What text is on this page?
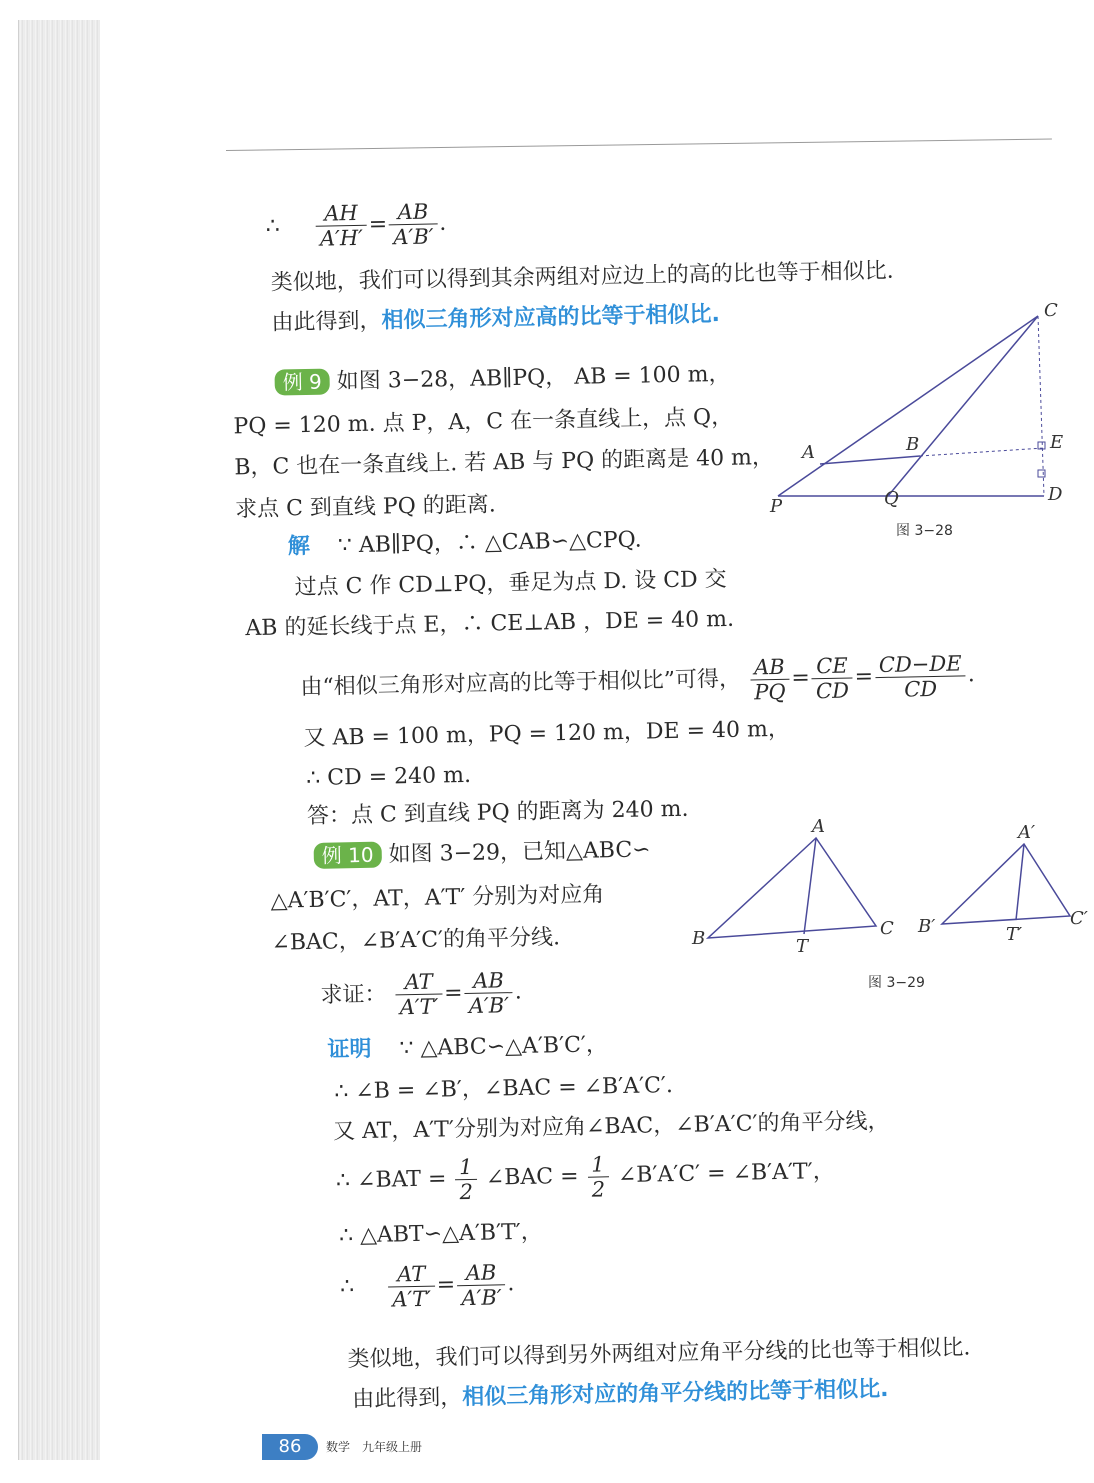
∴ $\frac{AH}{A'H'} = \frac{AB}{A'B'}$ .
类似地，我们可以得到其余两组对应边上的高的比也等于相似比.
由此得到，相似三角形对应高的比等于相似比.
例 9 如图 3−28，AB∥PQ， AB = 100 m，
PQ = 120 m. 点 P，A，C 在一条直线上，点 Q，
B，C 也在一条直线上. 若 AB 与 PQ 的距离是 40 m，
求点 C 到直线 PQ 的距离.
解 ∵ AB∥PQ，∴ △CAB∽△CPQ.
过点 C 作 CD⊥PQ，垂足为点 D. 设 CD 交
AB 的延长线于点 E，∴ CE⊥AB ，DE = 40 m.
由“相似三角形对应高的比等于相似比”可得， $\frac{AB}{PQ} = \frac{CE}{CD} = \frac{CD-DE}{CD}$ .
又 AB = 100 m，PQ = 120 m，DE = 40 m，
∴ CD = 240 m.
答：点 C 到直线 PQ 的距离为 240 m.
例 10 如图 3−29，已知△ABC∽
△A′B′C′，AT，A′T′ 分别为对应角
∠BAC，∠B′A′C′的角平分线.
求证： $\frac{AT}{A'T'} = \frac{AB}{A'B'}$ .
证明 ∵ △ABC∽△A′B′C′，
∴ ∠B = ∠B′，∠BAC = ∠B′A′C′.
又 AT，A′T′分别为对应角∠BAC，∠B′A′C′的角平分线，
∴ ∠BAT = $\frac{1}{2}$ ∠BAC = $\frac{1}{2}$ ∠B′A′C′ = ∠B′A′T′，
∴ △ABT∽△A′B′T′，
∴ $\frac{AT}{A'T'} = \frac{AB}{A'B'}$ .
类似地，我们可以得到另外两组对应角平分线的比也等于相似比.
由此得到，相似三角形对应的角平分线的比等于相似比.
C
A	B	E
P	Q	D
图 3−28
A
B	C
T
A′
B′	C′
T′
图 3−29
86	数学　九年级上册
